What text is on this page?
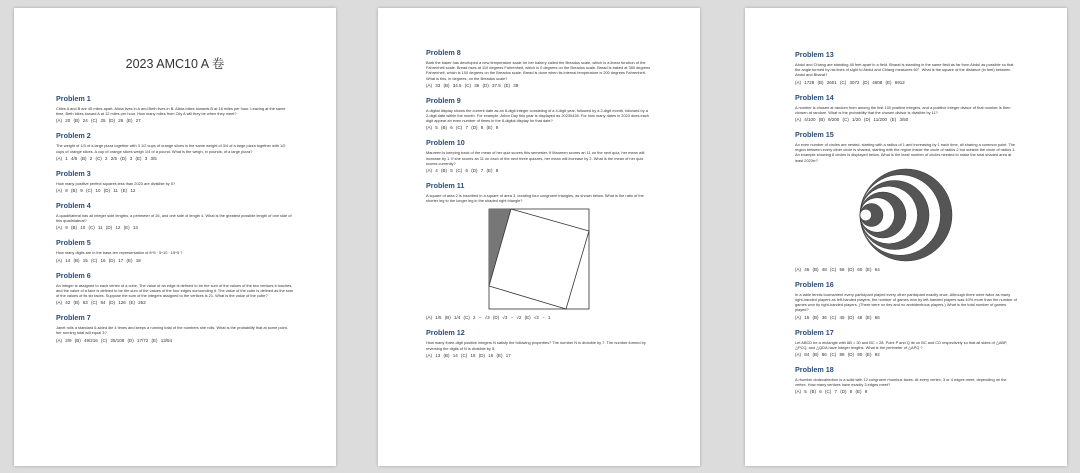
2023 AMC10 A 卷
Problem 1

Cities A and B are 45 miles apart. Alicia lives in A and Beth lives in B. Alicia bikes towards B at 18 miles per hour. Leaving at the same time, Beth bikes toward A at 12 miles per hour. How many miles from City A will they be when they meet?

(A) 20 (B) 24 (C) 25 (D) 26 (E) 27
Problem 2

The weight of 1/3 of a large pizza together with 3 1/2 cups of orange slices is the same weight of 3/4 of a large pizza together with 1/2 cups of orange slices. A cup of orange slices weigh 1/4 of a pound. What is the weigh, in pounds, of a large pizza?

(A) 1 4/5 (B) 2 (C) 2 2/5 (D) 3 (E) 3 3/5
Problem 3

How many positive perfect squares less than 2023 are divisible by 5?

(A) 8 (B) 9 (C) 10 (D) 11 (E) 12
Problem 4

A quadrilateral has all integer side lengths, a perimeter of 26, and one side of length 4. What is the greatest possible length of one side of this quadrilateral?

(A) 9 (B) 10 (C) 11 (D) 12 (E) 13
Problem 5

How many digits are in the base-ten representation of 8^5 · 5^10 · 15^5 ?

(A) 14 (B) 15 (C) 16 (D) 17 (E) 18
Problem 6

An integer is assigned to each vertex of a cube. The value of an edge is defined to be the sum of the values of the two vertices it touches, and the value of a face is defined to be the sum of the values of the four edges surrounding it. The value of the cube is defined as the sum of the values of its six faces. Suppose the sum of the integers assigned to the vertices is 21. What is the value of the cube?

(A) 42 (B) 63 (C) 84 (D) 126 (E) 252
Problem 7

Janet rolls a standard 6-sided die 4 times and keeps a running total of the numbers she rolls. What is the probability that at some point, her running total will equal 3?

(A) 2/9 (B) 49/216 (C) 25/108 (D) 17/72 (E) 13/54
Problem 8

Barb the baker has developed a new temperature scale for her bakery called the Breadus scale, which is a linear function of the Fahrenheit scale. Bread rises at 110 degrees Fahrenheit, which is 0 degrees on the Breadus scale. Bread is baked at 350 degrees Fahrenheit, which is 100 degrees on the Breadus scale. Bread is done when its internal temperature is 200 degrees Fahrenheit. What is this, in degrees, on the Breadus scale?

(A) 33 (B) 34.5 (C) 36 (D) 37.5 (E) 39
Problem 9

A digital display shows the current date as an 8-digit integer consisting of a 4-digit year, followed by a 2-digit month, followed by a 2-digit date within the month. For example, Arbor Day this year is displayed as 20230428. For how many dates in 2023 does each digit appear an even number of times in the 8-digital display for that date?

(A) 5 (B) 6 (C) 7 (D) 8 (E) 9
Problem 10

Maureen is keeping track of the mean of her quiz scores this semester. If Maureen scores an 11 on the next quiz, her mean will increase by 1. If she scores an 11 on each of the next three quizzes, her mean will increase by 2. What is the mean of her quiz scores currently?

(A) 4 (B) 5 (C) 6 (D) 7 (E) 8
Problem 11

A square of area 2 is inscribed in a square of area 3, creating four congruent triangles, as shown below. What is the ratio of the shorter leg to the longer leg in the shaded right triangle?

(A) 1/5 (B) 1/4 (C) 2 − √3 (D) √3 − √2 (E) √2 − 1
Problem 12

How many three-digit positive integers N satisfy the following properties? The number N is divisible by 7. The number formed by reversing the digits of N is divisible by 5.

(A) 13 (B) 14 (C) 15 (D) 16 (E) 17
Problem 13

Abdul and Chiang are standing 48 feet apart in a field. Bharat is standing in the same field as far from Abdul as possible so that the angle formed by his lines of sight to Abdul and Chiang measures 60°. What is the square of the distance (in feet) between Abdul and Bharat?

(A) 1728 (B) 2601 (C) 3072 (D) 4608 (E) 6912
Problem 14

A number is chosen at random from among the first 100 positive integers, and a positive integer divisor of that number is then chosen at random. What is the probability that the chosen divisor is divisible by 11?

(A) 4/100 (B) 9/200 (C) 1/20 (D) 11/200 (E) 3/50
Problem 15

An even number of circles are nested, starting with a radius of 1 and increasing by 1 each time, all sharing a common point. The region between every other circle is shaded, starting with the region inside the circle of radius 2 but outside the circle of radius 1. An example showing 8 circles is displayed below. What is the least number of circles needed to make the total shaded area at least 2023π?

(A) 46 (B) 48 (C) 56 (D) 60 (E) 64
Problem 16

In a table tennis tournament every participant played every other participant exactly once. Although there were twice as many right-handed players as left-handed players, the number of games won by left-handed players was 40% more than the number of games won by right-handed players. (There were no ties and no ambidextrous players.) What is the total number of games played?

(A) 15 (B) 36 (C) 45 (D) 48 (E) 66
Problem 17

Let ABCD be a rectangle with AB = 30 and BC = 28. Point P and Q lie on BC and CD respectively so that all sides of △ABP, △PCQ, and △QDA have integer lengths. What is the perimeter of △APQ ?

(A) 84 (B) 86 (C) 88 (D) 90 (E) 92
Problem 18

A rhombic dodecahedron is a solid with 12 congruent rhombus faces. At every vertex, 3 or 4 edges meet, depending on the vertex. How many vertices have exactly 3 edges meet?

(A) 5 (B) 6 (C) 7 (D) 8 (E) 9
